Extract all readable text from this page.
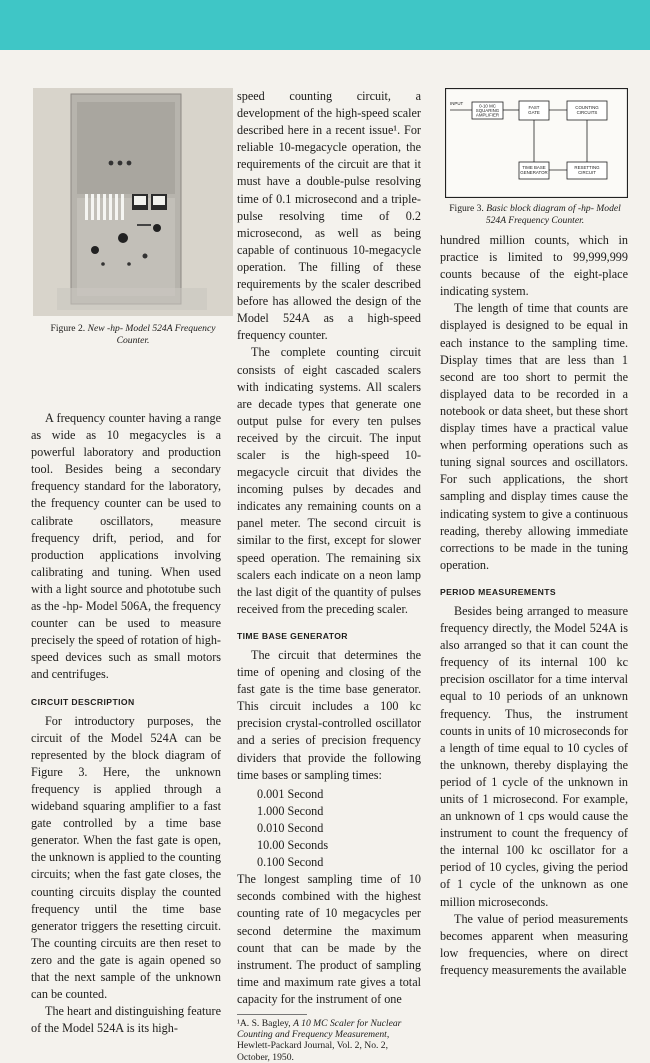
Figure 2. New -hp- Model 524A Frequency Counter.
INPUT	0-10 MC
SQUARING
AMPLIFIER
FAST
GATE
COUNTING
CIRCUITS
TIME BASE
GENERATOR
RESETTING
CIRCUIT
Figure 3. Basic block diagram of -hp- Model 524A Frequency Counter.

A frequency counter having a range as wide as 10 megacycles is a powerful laboratory and production tool. Besides being a secondary frequency standard for the laboratory, the frequency counter can be used to calibrate oscillators, measure frequency drift, period, and for production applications involving calibrating and tuning. When used with a light source and phototube such as the -hp- Model 506A, the frequency counter can be used to measure precisely the speed of rotation of high-speed devices such as small motors and centrifuges.

CIRCUIT DESCRIPTION

For introductory purposes, the circuit of the Model 524A can be represented by the block diagram of Figure 3. Here, the unknown frequency is applied through a wideband squaring amplifier to a fast gate controlled by a time base generator. When the fast gate is open, the unknown is applied to the counting circuits; when the fast gate closes, the counting circuits display the counted frequency until the time base generator triggers the resetting circuit. The counting circuits are then reset to zero and the gate is again opened so that the next sample of the unknown can be counted.

The heart and distinguishing feature of the Model 524A is its high-

speed counting circuit, a development of the high-speed scaler described here in a recent issue¹. For reliable 10-megacycle operation, the requirements of the circuit are that it must have a double-pulse resolving time of 0.1 microsecond and a triple-pulse resolving time of 0.2 microsecond, as well as being capable of continuous 10-megacycle operation. The filling of these requirements by the scaler described before has allowed the design of the Model 524A as a high-speed frequency counter.

The complete counting circuit consists of eight cascaded scalers with indicating systems. All scalers are decade types that generate one output pulse for every ten pulses received by the circuit. The input scaler is the high-speed 10-megacycle circuit that divides the incoming pulses by decades and indicates any remaining counts on a panel meter. The second circuit is similar to the first, except for slower speed operation. The remaining six scalers each indicate on a neon lamp the last digit of the quantity of pulses received from the preceding scaler.

TIME BASE GENERATOR

The circuit that determines the time of opening and closing of the fast gate is the time base generator. This circuit includes a 100 kc precision crystal-controlled oscillator and a series of precision frequency dividers that provide the following time bases or sampling times:

0.001 Second
1.000 Second
0.010 Second
10.00 Seconds
0.100 Second

The longest sampling time of 10 seconds combined with the highest counting rate of 10 megacycles per second determine the maximum count that can be made by the instrument. The product of sampling time and maximum rate gives a total capacity for the instrument of one

¹A. S. Bagley, A 10 MC Scaler for Nuclear Counting and Frequency Measurement, Hewlett-Packard Journal, Vol. 2, No. 2, October, 1950.

hundred million counts, which in practice is limited to 99,999,999 counts because of the eight-place indicating system.

The length of time that counts are displayed is designed to be equal in each instance to the sampling time. Display times that are less than 1 second are too short to permit the displayed data to be recorded in a notebook or data sheet, but these short display times have a practical value when performing operations such as tuning signal sources and oscillators. For such applications, the short sampling and display times cause the indicating system to give a continuous reading, thereby allowing immediate corrections to be made in the tuning operation.

PERIOD MEASUREMENTS

Besides being arranged to measure frequency directly, the Model 524A is also arranged so that it can count the frequency of its internal 100 kc precision oscillator for a time interval equal to 10 periods of an unknown frequency. Thus, the instrument counts in units of 10 microseconds for a length of time equal to 10 cycles of the unknown, thereby displaying the period of 1 cycle of the unknown in units of 1 microsecond. For example, an unknown of 1 cps would cause the instrument to count the frequency of the internal 100 kc oscillator for a period of 10 cycles, giving the period of 1 cycle of the unknown as one million microseconds.

The value of period measurements becomes apparent when measuring low frequencies, where on direct frequency measurements the available
